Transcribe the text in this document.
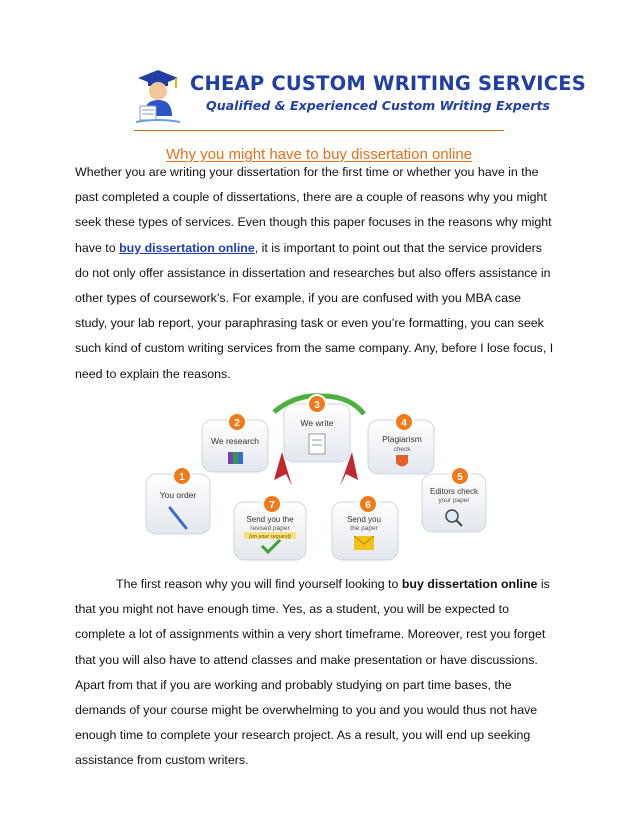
CHEAP CUSTOM WRITING SERVICES
Qualified & Experienced Custom Writing Experts
Why you might have to buy dissertation online
Whether you are writing your dissertation for the first time or whether you have in the
past completed a couple of dissertations, there are a couple of reasons why you might
seek these types of services. Even though this paper focuses in the reasons why might
have to buy dissertation online, it is important to point out that the service providers
do not only offer assistance in dissertation and researches but also offers assistance in
other types of coursework’s. For example, if you are confused with you MBA case
study, your lab report, your paraphrasing task or even you’re formatting, you can seek
such kind of custom writing services from the same company. Any, before I lose focus, I
need to explain the reasons.
2
We research
3
We write	4
Plagiarism
check
1
You order
5
Editors check
your paper
7
Send you the
revised paper
(on your request)
6
Send you
the paper
The first reason why you will find yourself looking to buy dissertation online is
that you might not have enough time. Yes, as a student, you will be expected to
complete a lot of assignments within a very short timeframe. Moreover, rest you forget
that you will also have to attend classes and make presentation or have discussions.
Apart from that if you are working and probably studying on part time bases, the
demands of your course might be overwhelming to you and you would thus not have
enough time to complete your research project. As a result, you will end up seeking
assistance from custom writers.
